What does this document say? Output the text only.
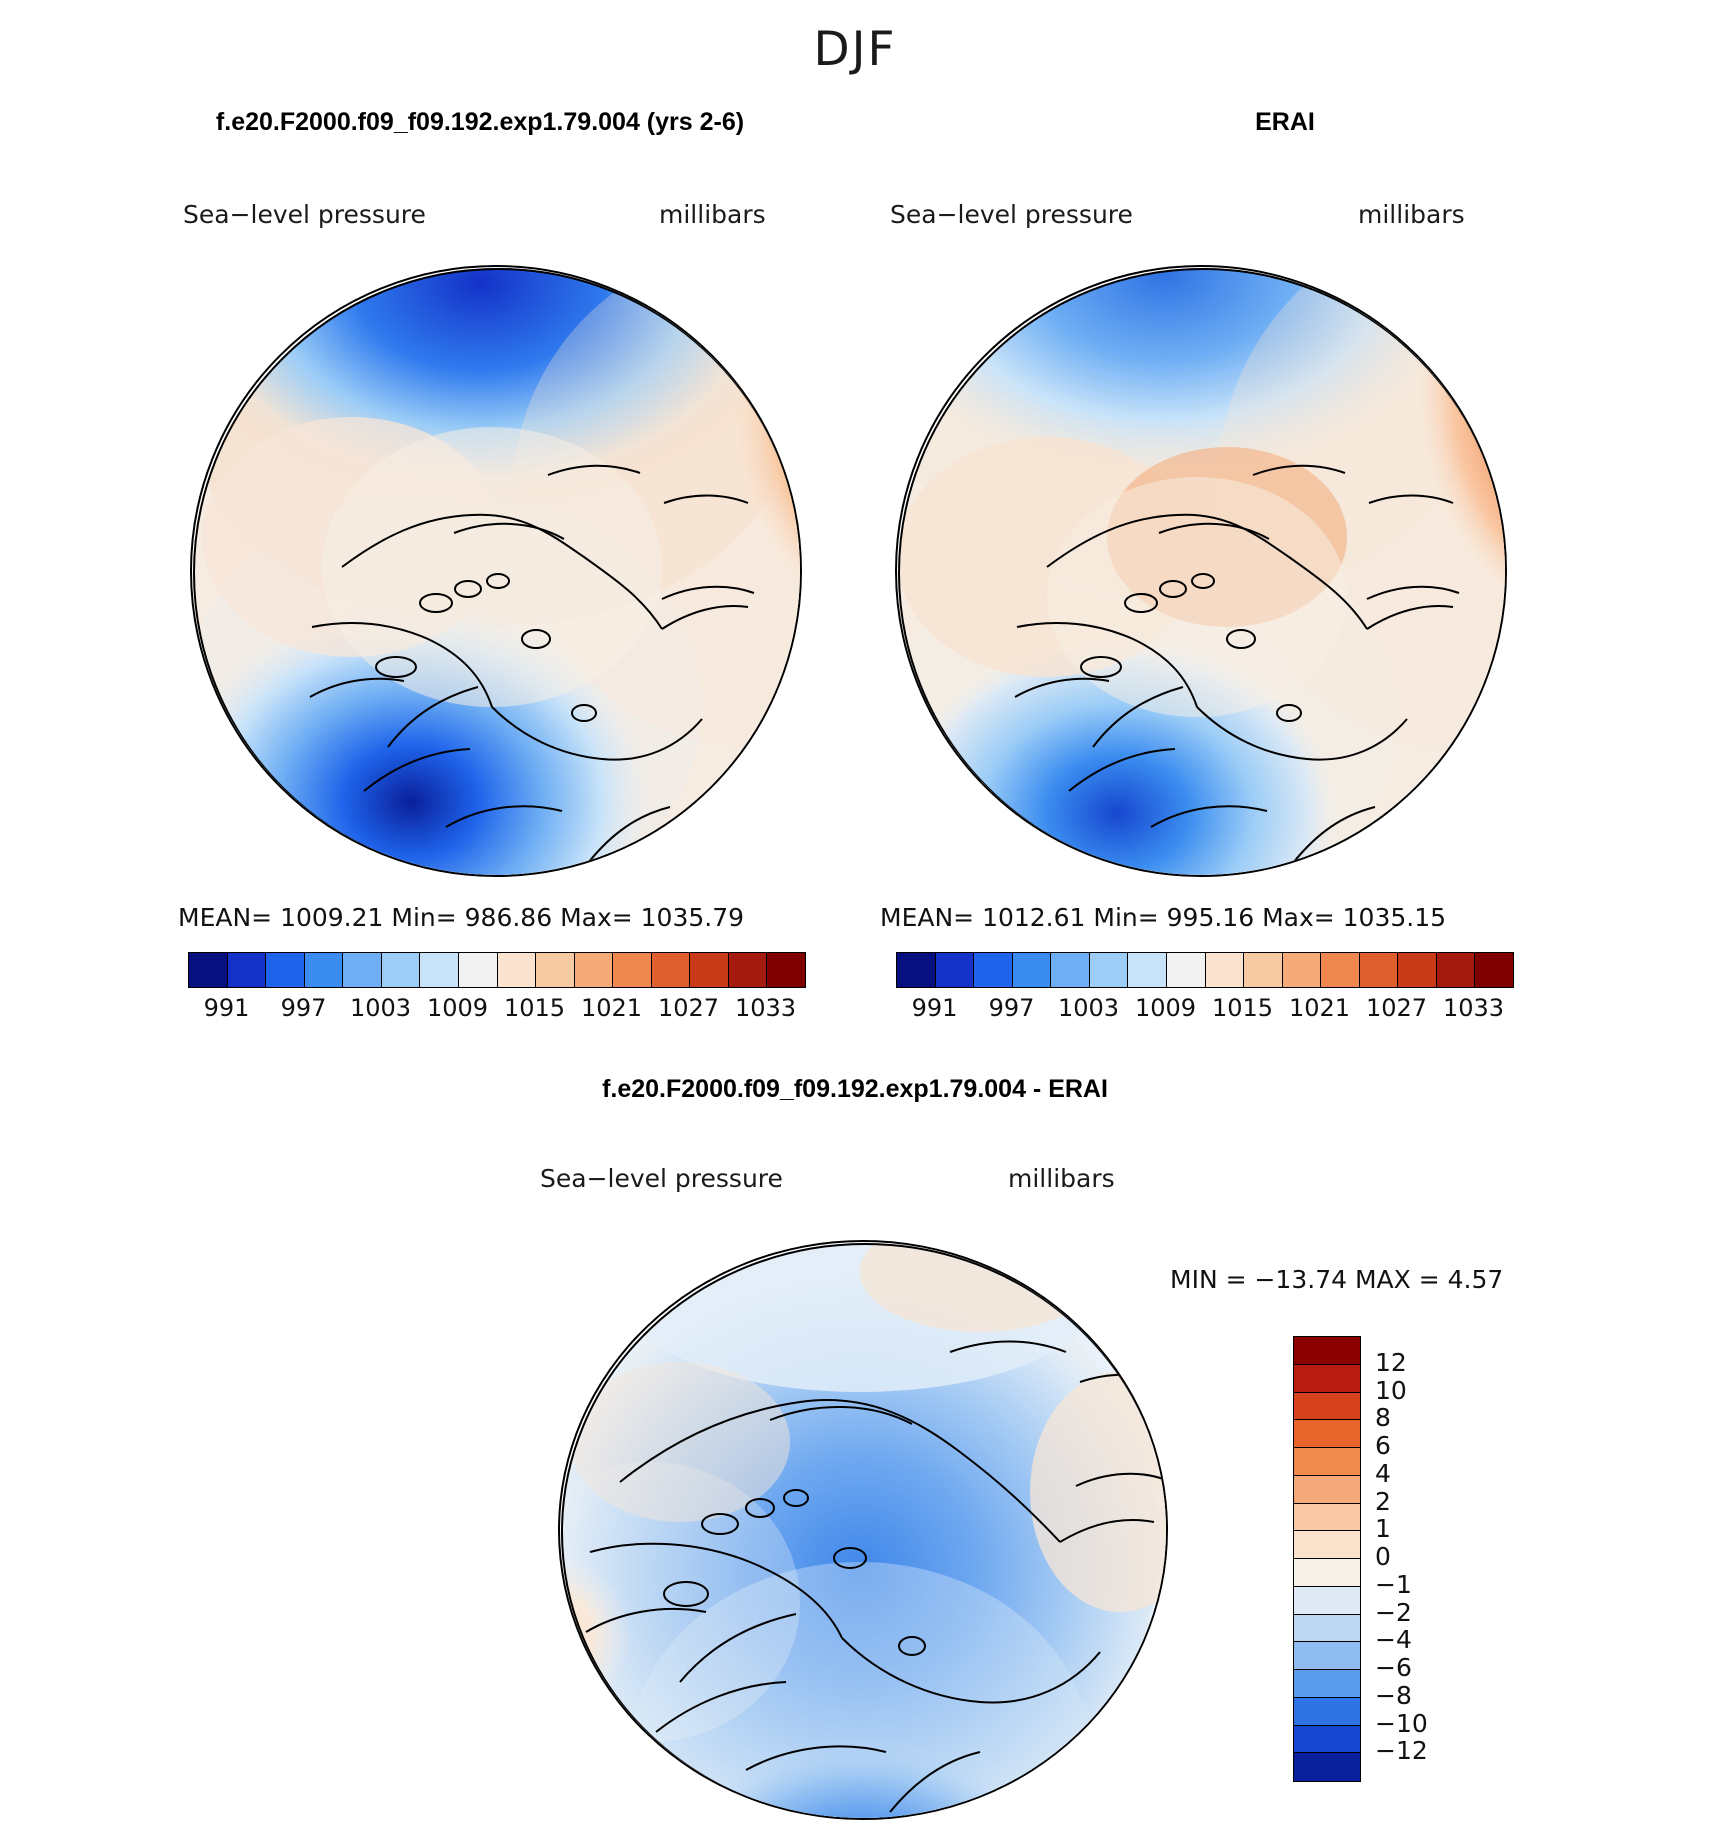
DJF
f.e20.F2000.f09_f09.192.exp1.79.004 (yrs 2-6)	ERAI
f.e20.F2000.f09_f09.192.exp1.79.004 - ERAI
Sea−level pressure	millibars	Sea−level pressure	millibars
Sea−level pressure	millibars
MEAN= 1009.21 Min= 986.86 Max= 1035.79	MEAN= 1012.61 Min= 995.16 Max= 1035.15
991	997 1003 1009 1015 1021 1027 1033	991	997 1003 1009 1015 1021 1027 1033
MIN = −13.74 MAX = 4.57
12
10
8
6
4
2
1
0
−1
−2
−4
−6
−8
−10
−12
